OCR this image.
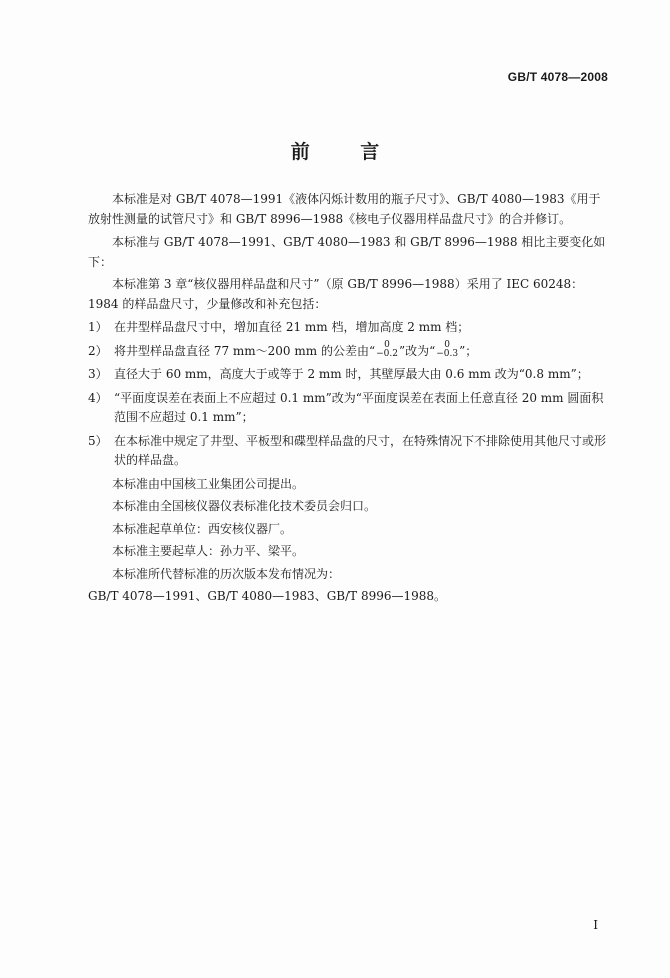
GB/T 4078—2008
前 言

本标准是对 GB/T 4078—1991《液体闪烁计数用的瓶子尺寸》、GB/T 4080—1983《用于放射性测量的试管尺寸》和 GB/T 8996—1988《核电子仪器用样品盘尺寸》的合并修订。

本标准与 GB/T 4078—1991、GB/T 4080—1983 和 GB/T 8996—1988 相比主要变化如下：

本标准第 3 章“核仪器用样品盘和尺寸”（原 GB/T 8996—1988）采用了 IEC 60248：1984 的样品盘尺寸，少量修改和补充包括：

1） 在井型样品盘尺寸中，增加直径 21 mm 档，增加高度 2 mm 档；
2） 将井型样品盘直径 77 mm～200 mm 的公差由“	0
−0.2 ”改为“	0
−0.3 ”；
3） 直径大于 60 mm，高度大于或等于 2 mm 时，其壁厚最大由 0.6 mm 改为“0.8 mm”；
4） “平面度误差在表面上不应超过 0.1 mm”改为“平面度误差在表面上任意直径 20 mm 圆面积范围不应超过 0.1 mm”；
5） 在本标准中规定了井型、平板型和碟型样品盘的尺寸，在特殊情况下不排除使用其他尺寸或形状的样品盘。

本标准由中国核工业集团公司提出。

本标准由全国核仪器仪表标准化技术委员会归口。

本标准起草单位：西安核仪器厂。

本标准主要起草人：孙力平、梁平。

本标准所代替标准的历次版本发布情况为：

GB/T 4078—1991、GB/T 4080—1983、GB/T 8996—1988。

I
